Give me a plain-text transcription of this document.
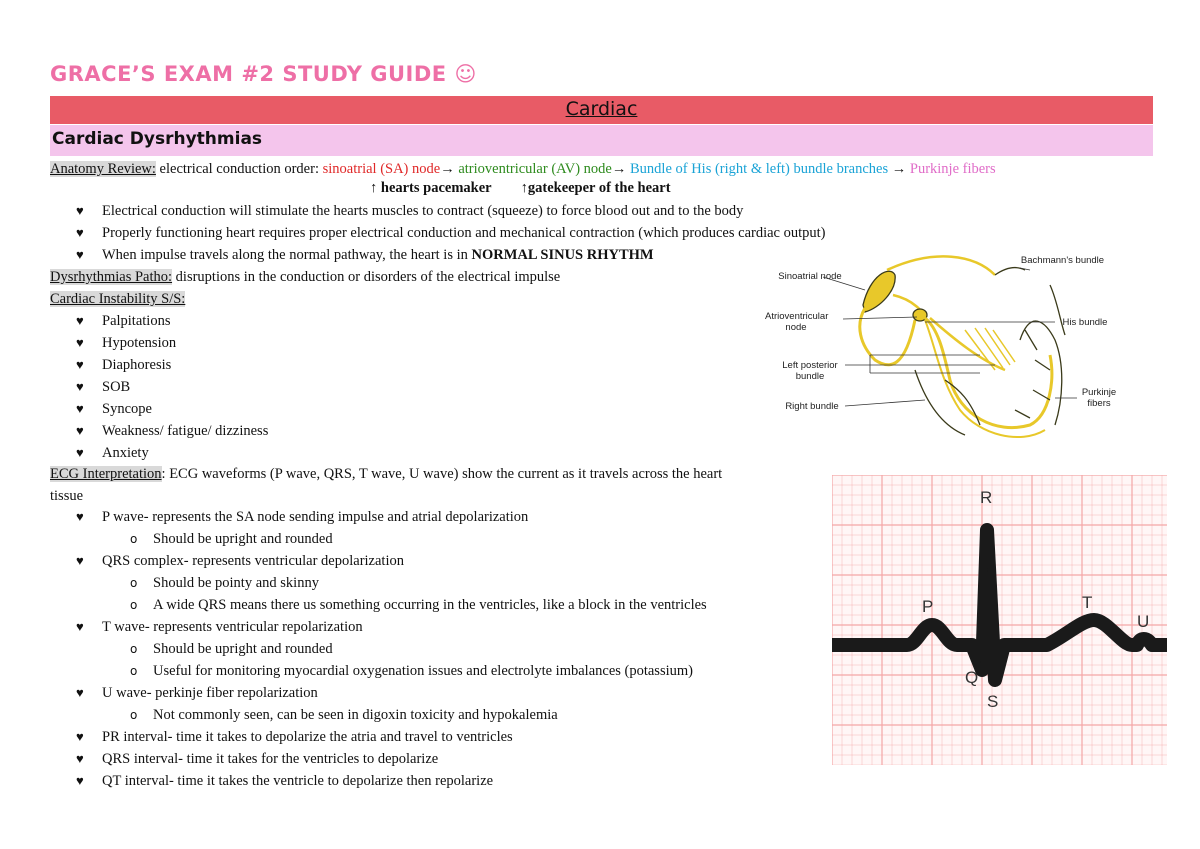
GRACE’S EXAM #2 STUDY GUIDE ☺
Cardiac
Cardiac Dysrhythmias
Anatomy Review: electrical conduction order: sinoatrial (SA) node→ atrioventricular (AV) node→ Bundle of His (right & left) bundle branches → Purkinje fibers
↑ hearts pacemaker ↑gatekeeper of the heart
♥ Electrical conduction will stimulate the hearts muscles to contract (squeeze) to force blood out and to the body
♥ Properly functioning heart requires proper electrical conduction and mechanical contraction (which produces cardiac output)
♥ When impulse travels along the normal pathway, the heart is in NORMAL SINUS RHYTHM
Dysrhythmias Patho: disruptions in the conduction or disorders of the electrical impulse
Cardiac Instability S/S:
♥ Palpitations
♥ Hypotension
♥ Diaphoresis
♥ SOB
♥ Syncope
♥ Weakness/ fatigue/ dizziness
♥ Anxiety
ECG Interpretation: ECG waveforms (P wave, QRS, T wave, U wave) show the current as it travels across the heart
tissue
♥ P wave- represents the SA node sending impulse and atrial depolarization
o Should be upright and rounded
♥ QRS complex- represents ventricular depolarization
o Should be pointy and skinny
o A wide QRS means there us something occurring in the ventricles, like a block in the ventricles
♥ T wave- represents ventricular repolarization
o Should be upright and rounded
o Useful for monitoring myocardial oxygenation issues and electrolyte imbalances (potassium)
♥ U wave- perkinje fiber repolarization
o Not commonly seen, can be seen in digoxin toxicity and hypokalemia
♥ PR interval- time it takes to depolarize the atria and travel to ventricles
♥ QRS interval- time it takes for the ventricles to depolarize
♥ QT interval- time it takes the ventricle to depolarize then repolarize
Bachmann's bundle
Sinoatrial node
Atrioventricular node	His bundle
Left posterior bundle
Right bundle
Purkinje fibers
P
R
Q
S
T
U
